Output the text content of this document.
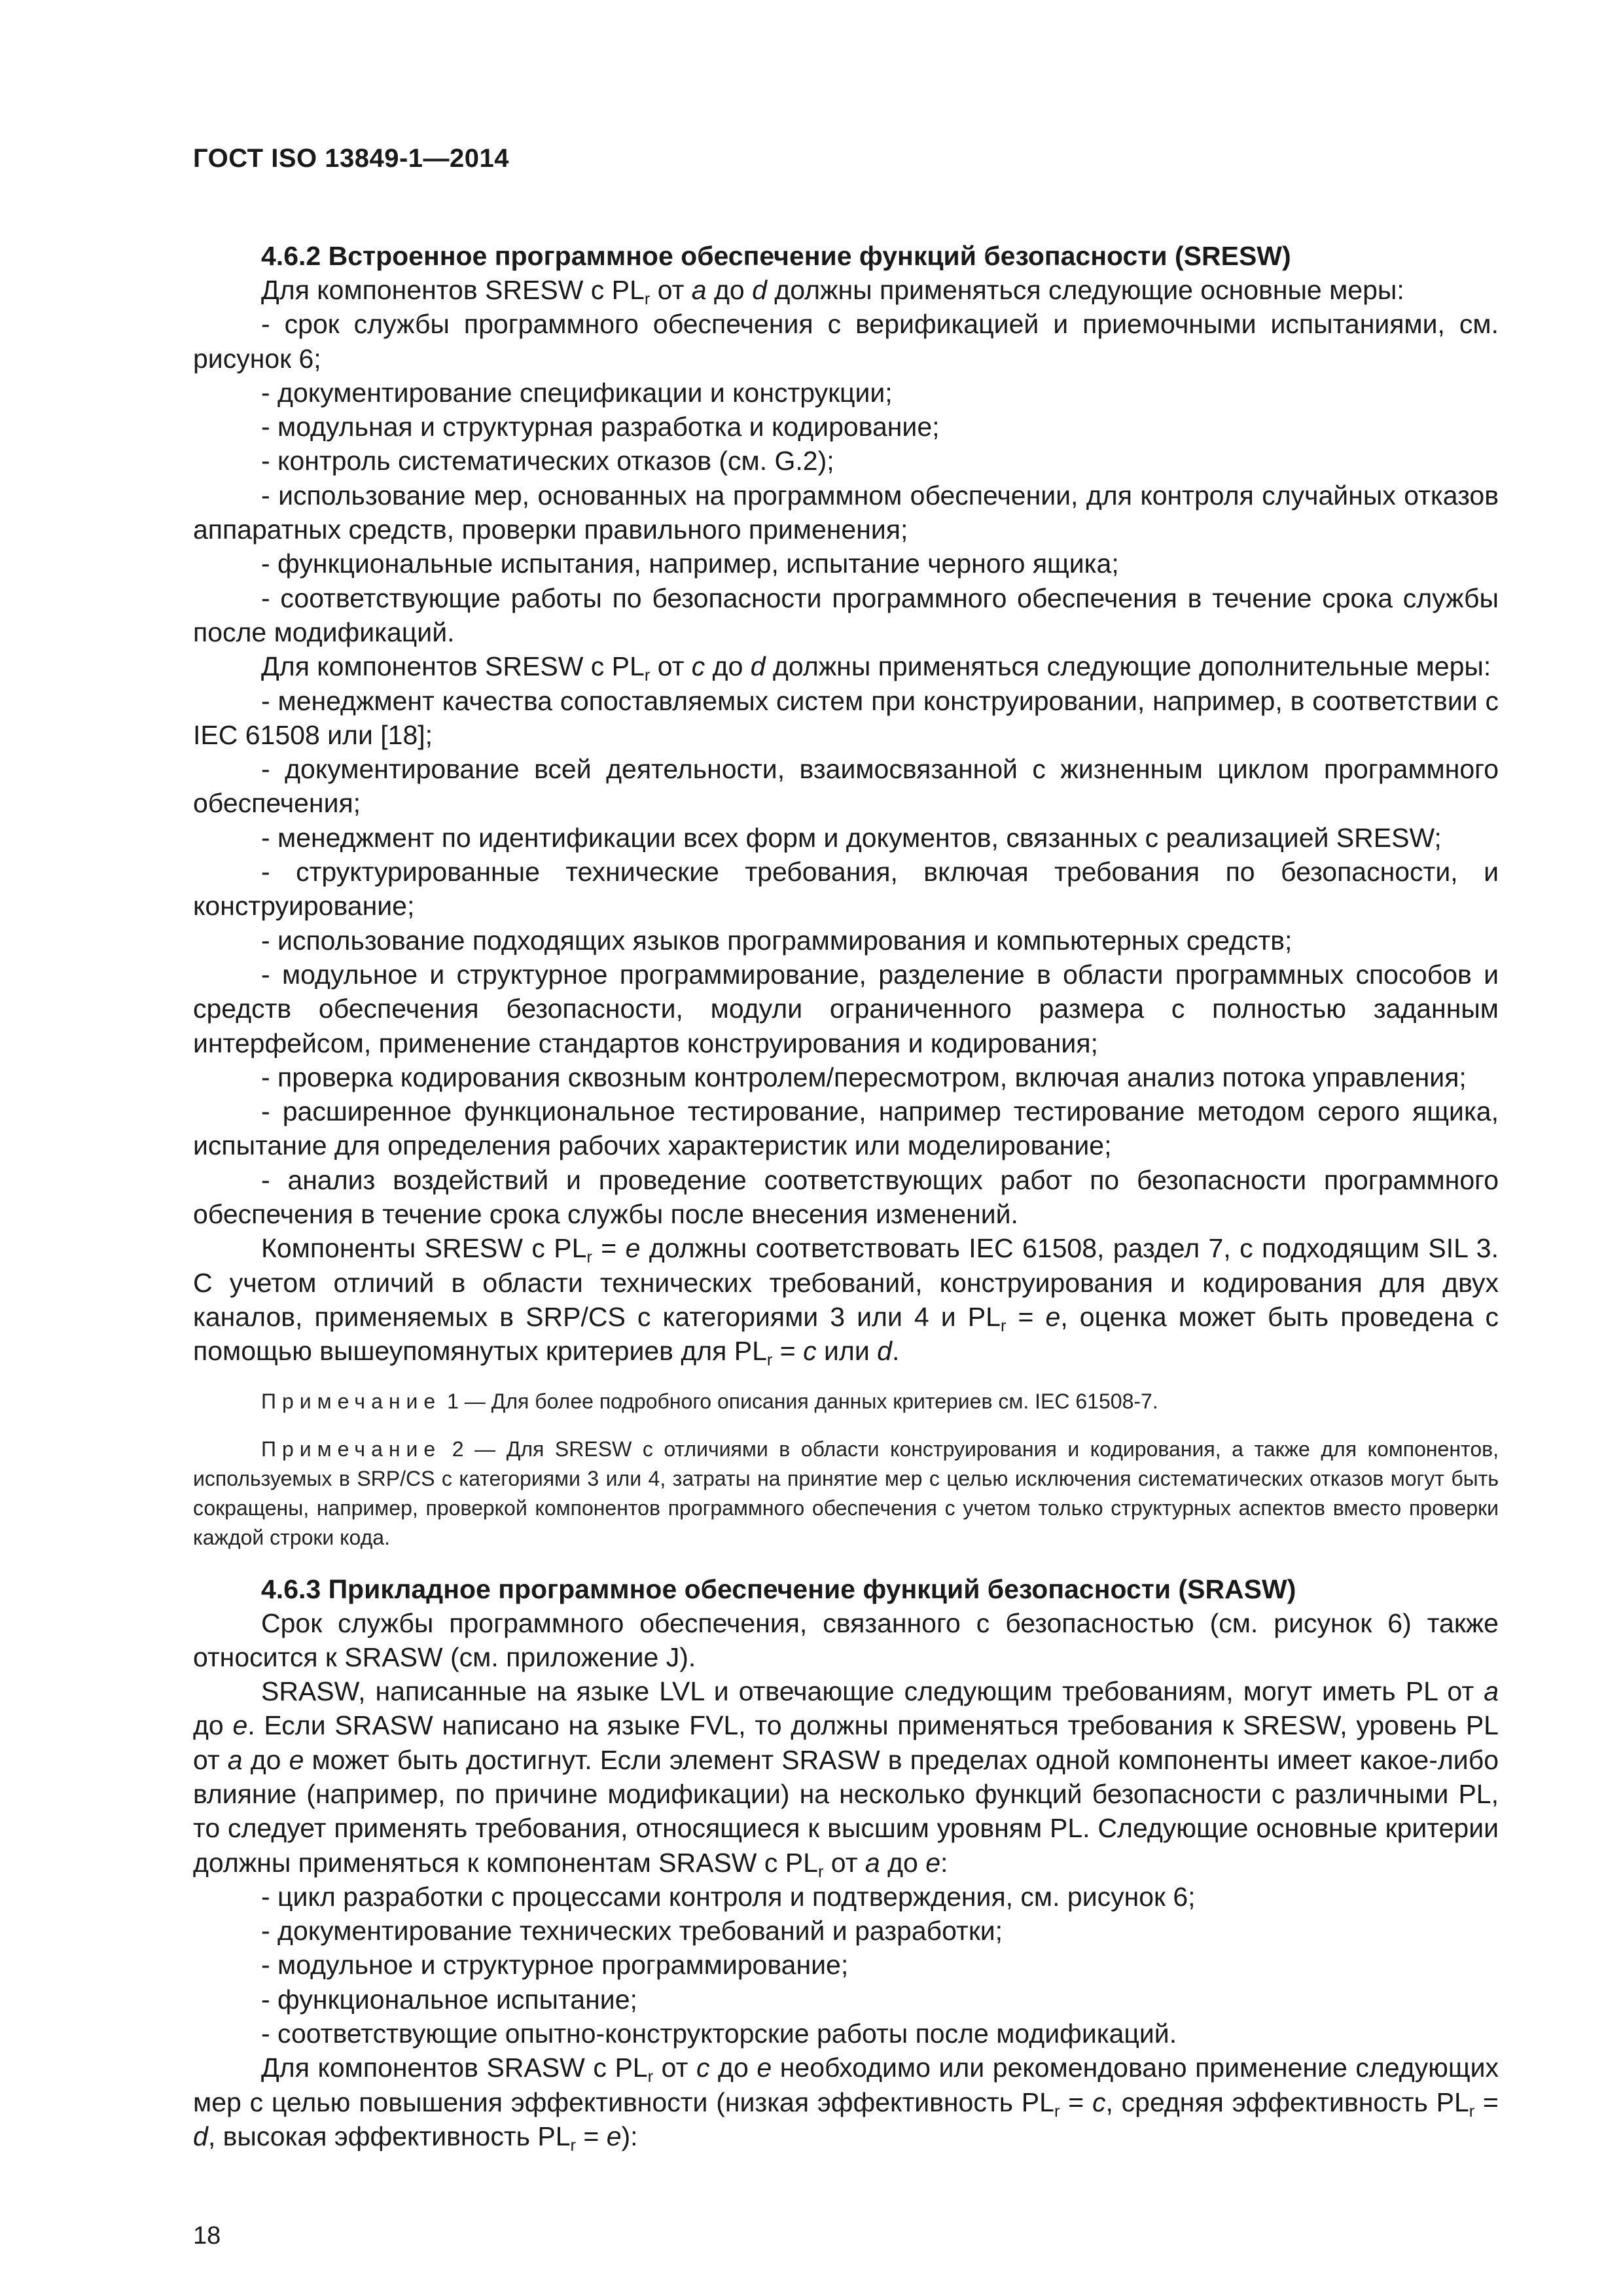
ГОСТ ISO 13849-1—2014

4.6.2 Встроенное программное обеспечение функций безопасности (SRESW)

Для компонентов SRESW с $PL_r$ от a до d должны применяться следующие основные меры:

- срок службы программного обеспечения с верификацией и приемочными испытаниями, см. рисунок 6;

- документирование спецификации и конструкции;

- модульная и структурная разработка и кодирование;

- контроль систематических отказов (см. G.2);

- использование мер, основанных на программном обеспечении, для контроля случайных отказов аппаратных средств, проверки правильного применения;

- функциональные испытания, например, испытание черного ящика;

- соответствующие работы по безопасности программного обеспечения в течение срока службы после модификаций.

Для компонентов SRESW с $PL_r$ от c до d должны применяться следующие дополнительные меры:

- менеджмент качества сопоставляемых систем при конструировании, например, в соответствии с IEC 61508 или [18];

- документирование всей деятельности, взаимосвязанной с жизненным циклом программного обеспечения;

- менеджмент по идентификации всех форм и документов, связанных с реализацией SRESW;

- структурированные технические требования, включая требования по безопасности, и конструирование;

- использование подходящих языков программирования и компьютерных средств;

- модульное и структурное программирование, разделение в области программных способов и средств обеспечения безопасности, модули ограниченного размера с полностью заданным интерфейсом, применение стандартов конструирования и кодирования;

- проверка кодирования сквозным контролем/пересмотром, включая анализ потока управления;

- расширенное функциональное тестирование, например тестирование методом серого ящика, испытание для определения рабочих характеристик или моделирование;

- анализ воздействий и проведение соответствующих работ по безопасности программного обеспечения в течение срока службы после внесения изменений.

Компоненты SRESW с $PL_r = e$ должны соответствовать IEC 61508, раздел 7, с подходящим SIL 3. С учетом отличий в области технических требований, конструирования и кодирования для двух каналов, применяемых в SRP/CS с категориями 3 или 4 и $PL_r = e$, оценка может быть проведена с помощью вышеупомянутых критериев для $PL_r = c$ или d.

Примечание 1 — Для более подробного описания данных критериев см. IEC 61508-7.

Примечание 2 — Для SRESW с отличиями в области конструирования и кодирования, а также для компонентов, используемых в SRP/CS с категориями 3 или 4, затраты на принятие мер с целью исключения систематических отказов могут быть сокращены, например, проверкой компонентов программного обеспечения с учетом только структурных аспектов вместо проверки каждой строки кода.

4.6.3 Прикладное программное обеспечение функций безопасности (SRASW)

Срок службы программного обеспечения, связанного с безопасностью (см. рисунок 6) также относится к SRASW (см. приложение J).

SRASW, написанные на языке LVL и отвечающие следующим требованиям, могут иметь PL от a до e. Если SRASW написано на языке FVL, то должны применяться требования к SRESW, уровень PL от a до e может быть достигнут. Если элемент SRASW в пределах одной компоненты имеет какое-либо влияние (например, по причине модификации) на несколько функций безопасности с различными PL, то следует применять требования, относящиеся к высшим уровням PL. Следующие основные критерии должны применяться к компонентам SRASW с $PL_r$ от a до e:

- цикл разработки с процессами контроля и подтверждения, см. рисунок 6;

- документирование технических требований и разработки;

- модульное и структурное программирование;

- функциональное испытание;

- соответствующие опытно-конструкторские работы после модификаций.

Для компонентов SRASW с $PL_r$ от c до e необходимо или рекомендовано применение следующих мер с целью повышения эффективности (низкая эффективность $PL_r = c$, средняя эффективность $PL_r = d$, высокая эффективность $PL_r = e$):

18
